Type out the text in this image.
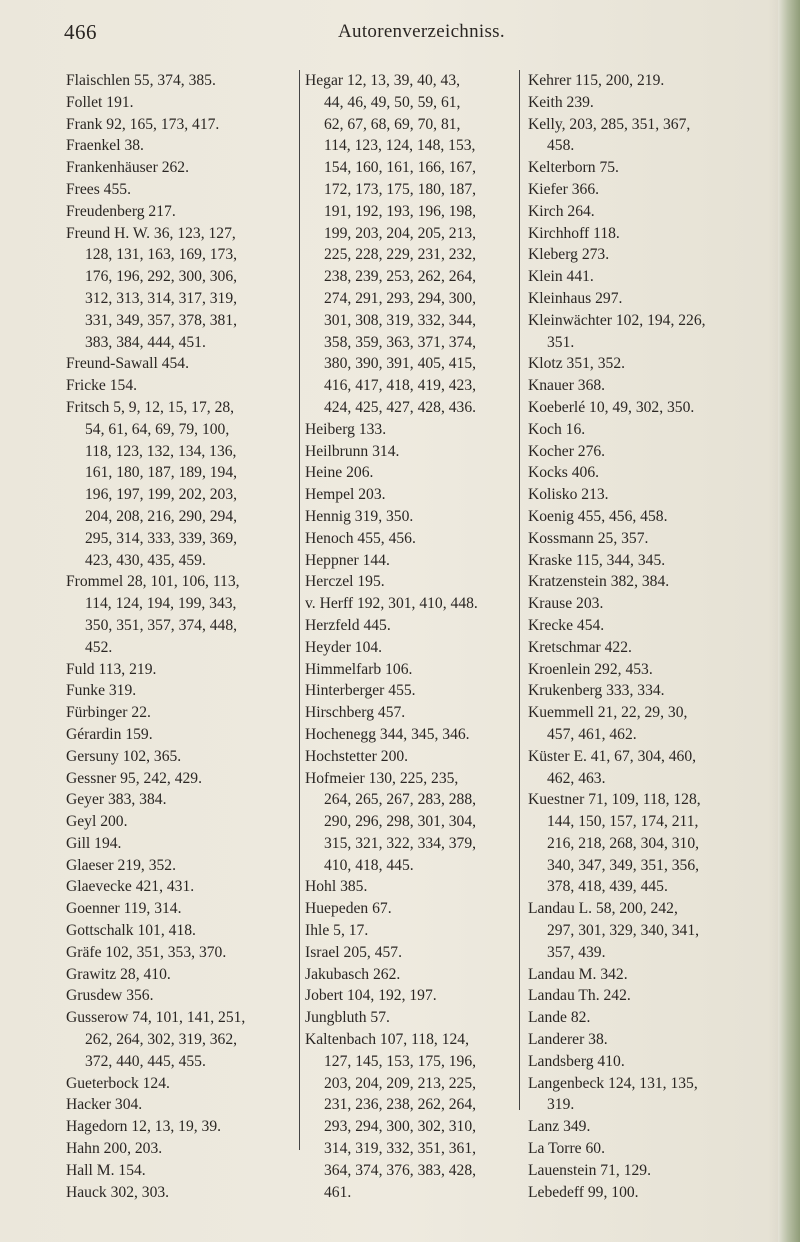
466	Autorenverzeichniss.
Flaischlen 55, 374, 385.
Follet 191.
Frank 92, 165, 173, 417.
Fraenkel 38.
Frankenhäuser 262.
Frees 455.
Freudenberg 217.
Freund H. W. 36, 123, 127,
128, 131, 163, 169, 173,
176, 196, 292, 300, 306,
312, 313, 314, 317, 319,
331, 349, 357, 378, 381,
383, 384, 444, 451.
Freund-Sawall 454.
Fricke 154.
Fritsch 5, 9, 12, 15, 17, 28,
54, 61, 64, 69, 79, 100,
118, 123, 132, 134, 136,
161, 180, 187, 189, 194,
196, 197, 199, 202, 203,
204, 208, 216, 290, 294,
295, 314, 333, 339, 369,
423, 430, 435, 459.
Frommel 28, 101, 106, 113,
114, 124, 194, 199, 343,
350, 351, 357, 374, 448,
452.
Fuld 113, 219.
Funke 319.
Fürbinger 22.
Gérardin 159.
Gersuny 102, 365.
Gessner 95, 242, 429.
Geyer 383, 384.
Geyl 200.
Gill 194.
Glaeser 219, 352.
Glaevecke 421, 431.
Goenner 119, 314.
Gottschalk 101, 418.
Gräfe 102, 351, 353, 370.
Grawitz 28, 410.
Grusdew 356.
Gusserow 74, 101, 141, 251,
262, 264, 302, 319, 362,
372, 440, 445, 455.
Gueterbock 124.
Hacker 304.
Hagedorn 12, 13, 19, 39.
Hahn 200, 203.
Hall M. 154.
Hauck 302, 303.
Hegar 12, 13, 39, 40, 43,
44, 46, 49, 50, 59, 61,
62, 67, 68, 69, 70, 81,
114, 123, 124, 148, 153,
154, 160, 161, 166, 167,
172, 173, 175, 180, 187,
191, 192, 193, 196, 198,
199, 203, 204, 205, 213,
225, 228, 229, 231, 232,
238, 239, 253, 262, 264,
274, 291, 293, 294, 300,
301, 308, 319, 332, 344,
358, 359, 363, 371, 374,
380, 390, 391, 405, 415,
416, 417, 418, 419, 423,
424, 425, 427, 428, 436.
Heiberg 133.
Heilbrunn 314.
Heine 206.
Hempel 203.
Hennig 319, 350.
Henoch 455, 456.
Heppner 144.
Herczel 195.
v. Herff 192, 301, 410, 448.
Herzfeld 445.
Heyder 104.
Himmelfarb 106.
Hinterberger 455.
Hirschberg 457.
Hochenegg 344, 345, 346.
Hochstetter 200.
Hofmeier 130, 225, 235,
264, 265, 267, 283, 288,
290, 296, 298, 301, 304,
315, 321, 322, 334, 379,
410, 418, 445.
Hohl 385.
Huepeden 67.
Ihle 5, 17.
Israel 205, 457.
Jakubasch 262.
Jobert 104, 192, 197.
Jungbluth 57.
Kaltenbach 107, 118, 124,
127, 145, 153, 175, 196,
203, 204, 209, 213, 225,
231, 236, 238, 262, 264,
293, 294, 300, 302, 310,
314, 319, 332, 351, 361,
364, 374, 376, 383, 428,
461.
Kehrer 115, 200, 219.
Keith 239.
Kelly, 203, 285, 351, 367,
458.
Kelterborn 75.
Kiefer 366.
Kirch 264.
Kirchhoff 118.
Kleberg 273.
Klein 441.
Kleinhaus 297.
Kleinwächter 102, 194, 226,
351.
Klotz 351, 352.
Knauer 368.
Koeberlé 10, 49, 302, 350.
Koch 16.
Kocher 276.
Kocks 406.
Kolisko 213.
Koenig 455, 456, 458.
Kossmann 25, 357.
Kraske 115, 344, 345.
Kratzenstein 382, 384.
Krause 203.
Krecke 454.
Kretschmar 422.
Kroenlein 292, 453.
Krukenberg 333, 334.
Kuemmell 21, 22, 29, 30,
457, 461, 462.
Küster E. 41, 67, 304, 460,
462, 463.
Kuestner 71, 109, 118, 128,
144, 150, 157, 174, 211,
216, 218, 268, 304, 310,
340, 347, 349, 351, 356,
378, 418, 439, 445.
Landau L. 58, 200, 242,
297, 301, 329, 340, 341,
357, 439.
Landau M. 342.
Landau Th. 242.
Lande 82.
Landerer 38.
Landsberg 410.
Langenbeck 124, 131, 135,
319.
Lanz 349.
La Torre 60.
Lauenstein 71, 129.
Lebedeff 99, 100.
